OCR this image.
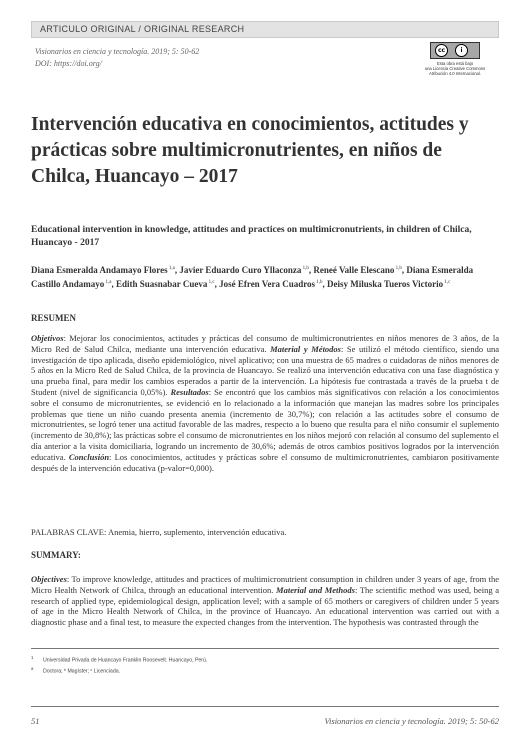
ARTICULO ORIGINAL / ORIGINAL RESEARCH
Visionarios en ciencia y tecnología. 2019; 5: 50-62
DOI: https://doi.org/
cc	i
Esta obra está bajo
una Licencia Creative Commons
Atribución 4.0 Internacional.
Intervención educativa en conocimientos, actitudes y prácticas sobre multimicronutrientes, en niños de Chilca, Huancayo – 2017
Educational intervention in knowledge, attitudes and practices on multimicronutrients, in children of Chilca, Huancayo - 2017
Diana Esmeralda Andamayo Flores $^{1,a}$, Javier Eduardo Curo Yllaconza $^{1,b}$, Reneé Valle Elescano $^{1,b}$, Diana Esmeralda Castillo Andamayo $^{1,a}$, Edith Suasnabar Cueva $^{1,c}$, José Efren Vera Cuadros $^{1,b}$, Deisy Miluska Tueros Victorio $^{1,c}$
RESUMEN

Objetivos: Mejorar los conocimientos, actitudes y prácticas del consumo de multimicronutrientes en niños menores de 3 años, de la Micro Red de Salud Chilca, mediante una intervención educativa. Material y Métodos: Se utilizó el método científico, siendo una investigación de tipo aplicada, diseño epidemiológico, nivel aplicativo; con una muestra de 65 madres o cuidadoras de niños menores de 5 años en la Micro Red de Salud Chilca, de la provincia de Huancayo. Se realizó una intervención educativa con una fase diagnóstica y una prueba final, para medir los cambios esperados a partir de la intervención. La hipótesis fue contrastada a través de la prueba t de Student (nivel de significancia 0,05%). Resultados: Se encontró que los cambios más significativos con relación a los conocimientos sobre el consumo de micronutrientes, se evidenció en lo relacionado a la información que manejan las madres sobre los principales problemas que tiene un niño cuando presenta anemia (incremento de 30,7%); con relación a las actitudes sobre el consumo de micronutrientes, se logró tener una actitud favorable de las madres, respecto a lo bueno que resulta para el niño consumir el suplemento (incremento de 30,8%); las prácticas sobre el consumo de micronutrientes en los niños mejoró con relación al consumo del suplemento el día anterior a la visita domiciliaria, logrando un incremento de 30,6%; además de otros cambios positivos logrados por la intervención educativa. Conclusión: Los conocimientos, actitudes y prácticas sobre el consumo de multimicronutrientes, cambiaron positivamente después de la intervención educativa (p-valor=0,000).

PALABRAS CLAVE: Anemia, hierro, suplemento, intervención educativa.
SUMMARY:

Objectives: To improve knowledge, attitudes and practices of multimicronutrient consumption in children under 3 years of age, from the Micro Health Network of Chilca, through an educational intervention. Material and Methods: The scientific method was used, being a research of applied type, epidemiological design, application level; with a sample of 65 mothers or caregivers of children under 5 years of age in the Micro Health Network of Chilca, in the province of Huancayo. An educational intervention was carried out with a diagnostic phase and a final test, to measure the expected changes from the intervention. The hypothesis was contrasted through the

$^1$Universidad Privada de Huancayo Franklin Roosevelt. Huancayo, Perú.
$^a$Doctora; ᵇ Magíster; ᶜ Licenciada.
51	Visionarios en ciencia y tecnología. 2019; 5: 50-62
